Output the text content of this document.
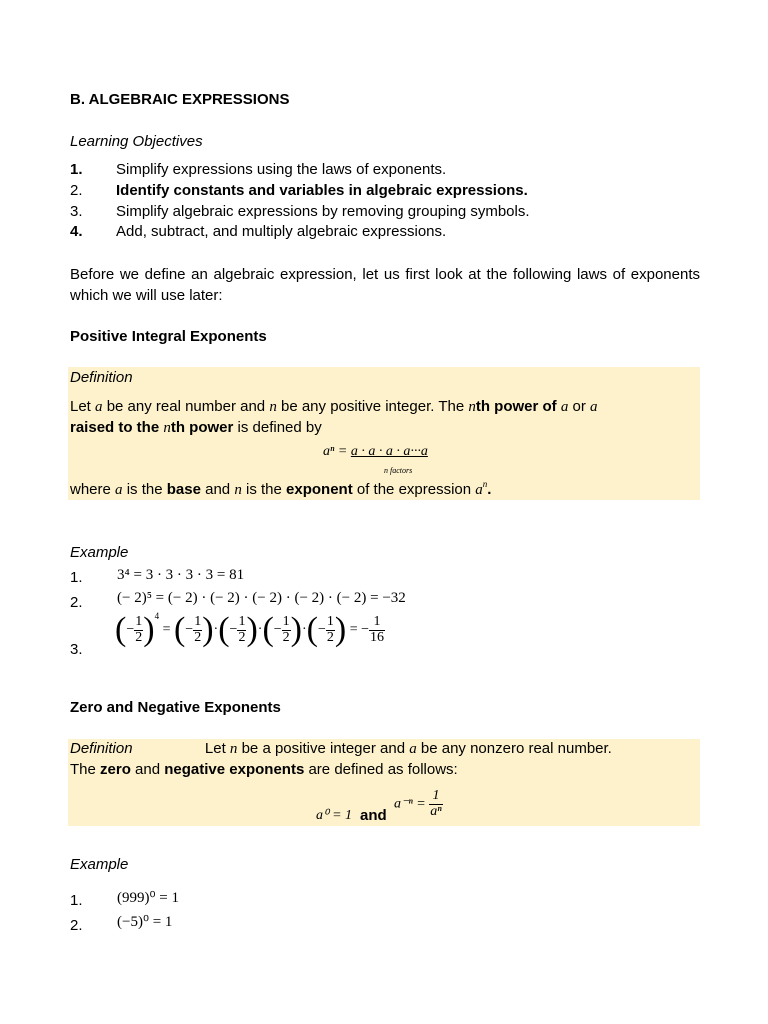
B. ALGEBRAIC EXPRESSIONS
Learning Objectives
1.	Simplify expressions using the laws of exponents.
2.	Identify constants and variables in algebraic expressions.
3.	Simplify algebraic expressions by removing grouping symbols.
4.	Add, subtract, and multiply algebraic expressions.
Before we define an algebraic expression, let us first look at the following laws of exponents which we will use later:
Positive Integral Exponents
Definition
Let a be any real number and n be any positive integer. The nth power of a or a
raised to the nth power is defined by
aⁿ = a · a · a · a···a
n factors
where a is the base and n is the exponent of the expression $a^n$.
Example
1.	3⁴ = 3 · 3 · 3 · 3 = 81
2.	(− 2)⁵ = (− 2) · (− 2) · (− 2) · (− 2) · (− 2) = −32
3.
(− $\frac{1}{2} )^4$ = (− $\frac{1}{2}$ )·(− $\frac{1}{2}$ )·(− $\frac{1}{2}$ )·(− $\frac{1}{2}$ ) = − $\frac{1}{16}$
Zero and Negative Exponents
Definition	Let n be a positive integer and a be any nonzero real number.
The zero and negative exponents are defined as follows:
a⁰ = 1 and
$a^{-n} = \frac{1}{\text{aⁿ}}$
Example
1.	(999)⁰ = 1
2.	(−5)⁰ = 1
